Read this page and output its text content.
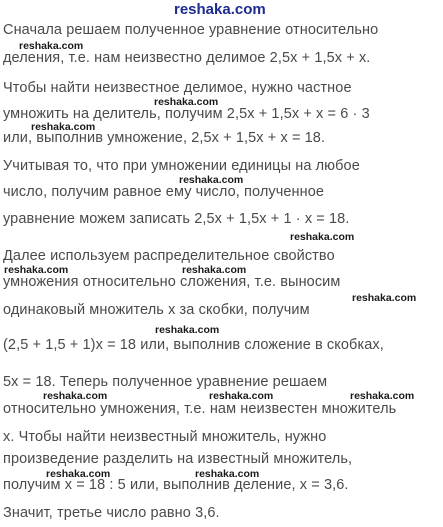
reshaka.com
Сначала решаем полученное уравнение относительно
деления, т.е. нам неизвестно делимое 2,5x + 1,5x + x.
Чтобы найти неизвестное делимое, нужно частное
умножить на делитель, получим 2,5x + 1,5x + x = 6 · 3
или, выполнив умножение, 2,5x + 1,5x + x = 18.
Учитывая то, что при умножении единицы на любое
число, получим равное ему число, полученное
уравнение можем записать 2,5x + 1,5x + 1 · x = 18.
Далее используем распределительное свойство
умножения относительно сложения, т.е. выносим
одинаковый множитель x за скобки, получим
(2,5 + 1,5 + 1)x = 18 или, выполнив сложение в скобках,
5x = 18. Теперь полученное уравнение решаем
относительно умножения, т.е. нам неизвестен множитель
x. Чтобы найти неизвестный множитель, нужно
произведение разделить на известный множитель,
получим x = 18 : 5 или, выполнив деление, x = 3,6.
Значит, третье число равно 3,6.
reshaka.com
reshaka.com
reshaka.com
reshaka.com
reshaka.com
reshaka.com	reshaka.com
reshaka.com
reshaka.com
reshaka.com	reshaka.com	reshaka.com
reshaka.com	reshaka.com
